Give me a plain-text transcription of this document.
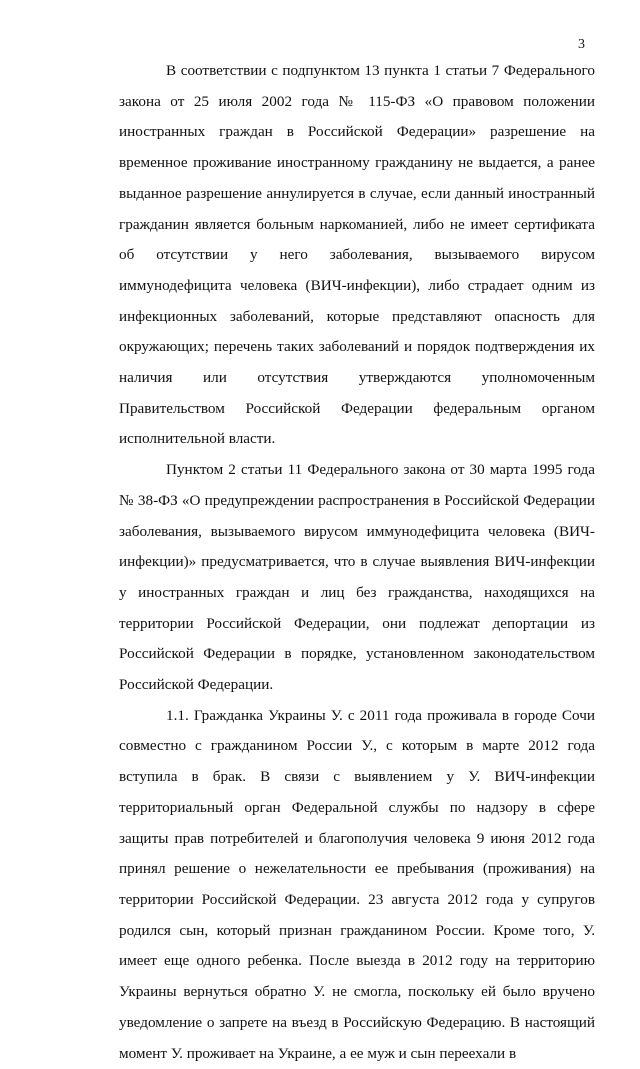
3

В соответствии с подпунктом 13 пункта 1 статьи 7 Федерального закона от 25 июля 2002 года № 115-ФЗ «О правовом положении иностранных граждан в Российской Федерации» разрешение на временное проживание иностранному гражданину не выдается, а ранее выданное разрешение аннулируется в случае, если данный иностранный гражданин является больным наркоманией, либо не имеет сертификата об отсутствии у него заболевания, вызываемого вирусом иммунодефицита человека (ВИЧ-инфекции), либо страдает одним из инфекционных заболеваний, которые представляют опасность для окружающих; перечень таких заболеваний и порядок подтверждения их наличия или отсутствия утверждаются уполномоченным Правительством Российской Федерации федеральным органом исполнительной власти.

Пунктом 2 статьи 11 Федерального закона от 30 марта 1995 года № 38-ФЗ «О предупреждении распространения в Российской Федерации заболевания, вызываемого вирусом иммунодефицита человека (ВИЧ-инфекции)» предусматривается, что в случае выявления ВИЧ-инфекции у иностранных граждан и лиц без гражданства, находящихся на территории Российской Федерации, они подлежат депортации из Российской Федерации в порядке, установленном законодательством Российской Федерации.

1.1. Гражданка Украины У. с 2011 года проживала в городе Сочи совместно с гражданином России У., с которым в марте 2012 года вступила в брак. В связи с выявлением у У. ВИЧ-инфекции территориальный орган Федеральной службы по надзору в сфере защиты прав потребителей и благополучия человека 9 июня 2012 года принял решение о нежелательности ее пребывания (проживания) на территории Российской Федерации. 23 августа 2012 года у супругов родился сын, который признан гражданином России. Кроме того, У. имеет еще одного ребенка. После выезда в 2012 году на территорию Украины вернуться обратно У. не смогла, поскольку ей было вручено уведомление о запрете на въезд в Российскую Федерацию. В настоящий момент У. проживает на Украине, а ее муж и сын переехали в
